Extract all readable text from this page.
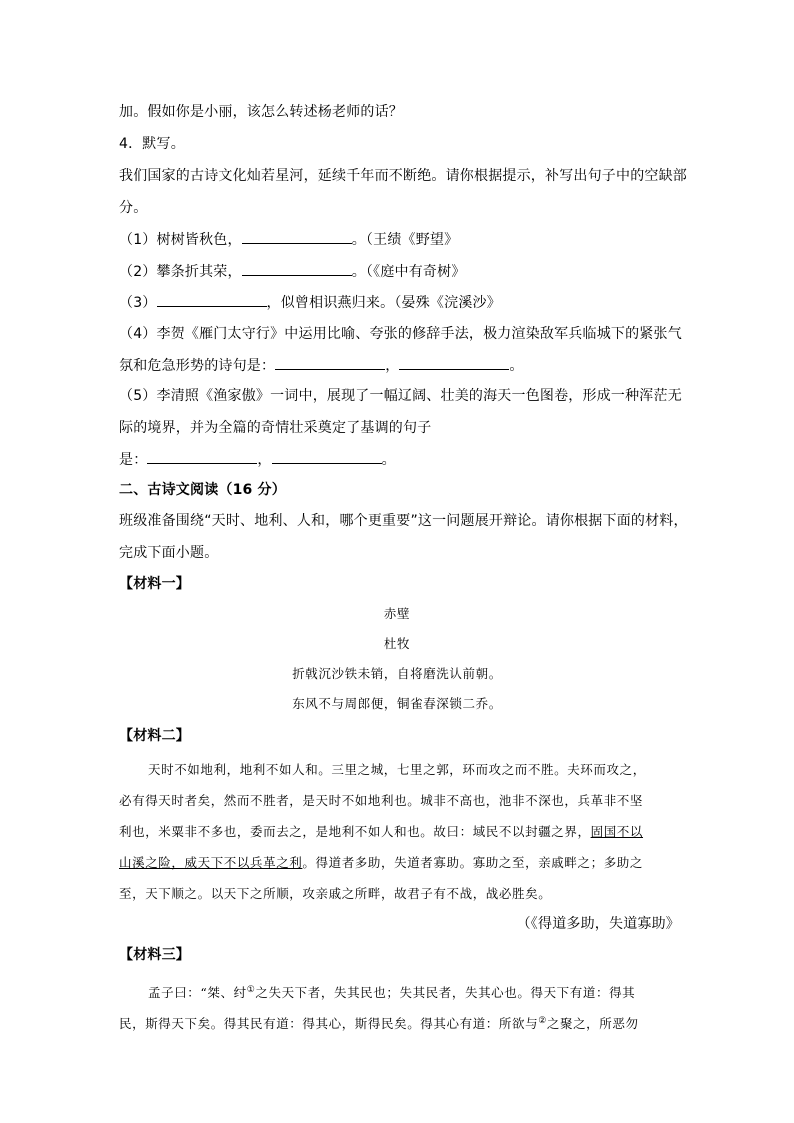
加。假如你是小丽，该怎么转述杨老师的话？
4．默写。
我们国家的古诗文化灿若星河，延续千年而不断绝。请你根据提示，补写出句子中的空缺部
分。
（1）树树皆秋色，	。（王绩《野望》
（2）攀条折其荣，	。（《庭中有奇树》
（3）	，似曾相识燕归来。（晏殊《浣溪沙》
（4）李贺《雁门太守行》中运用比喻、夸张的修辞手法，极力渲染敌军兵临城下的紧张气
氛和危急形势的诗句是：	，	。
（5）李清照《渔家傲》一词中，展现了一幅辽阔、壮美的海天一色图卷，形成一种浑茫无
际的境界，并为全篇的奇情壮采奠定了基调的句子
是：	，	。
二、古诗文阅读（16 分）
班级准备围绕“天时、地利、人和，哪个更重要”这一问题展开辩论。请你根据下面的材料，
完成下面小题。
【材料一】
赤壁
杜牧
折戟沉沙铁未销，自将磨洗认前朝。
东风不与周郎便，铜雀春深锁二乔。
【材料二】
天时不如地利，地利不如人和。三里之城，七里之郭，环而攻之而不胜。夫环而攻之，
必有得天时者矣，然而不胜者，是天时不如地利也。城非不高也，池非不深也，兵革非不坚
利也，米粟非不多也，委而去之，是地利不如人和也。故曰：域民不以封疆之界，固国不以
山溪之险，威天下不以兵革之利。得道者多助，失道者寡助。寡助之至，亲戚畔之；多助之
至，天下顺之。以天下之所顺，攻亲戚之所畔，故君子有不战，战必胜矣。
（《得道多助，失道寡助》
【材料三】
孟子曰：“桀、纣①之失天下者，失其民也；失其民者，失其心也。得天下有道：得其
民，斯得天下矣。得其民有道：得其心，斯得民矣。得其心有道：所欲与②之聚之，所恶勿
